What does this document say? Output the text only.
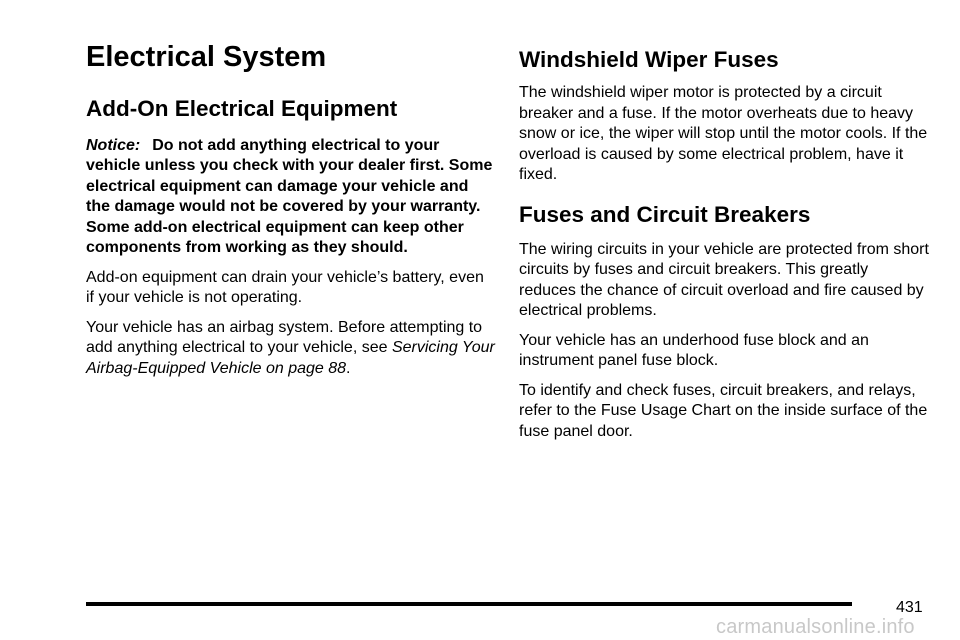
Electrical System
Add-On Electrical Equipment

Notice: Do not add anything electrical to your vehicle unless you check with your dealer first. Some electrical equipment can damage your vehicle and the damage would not be covered by your warranty. Some add-on electrical equipment can keep other components from working as they should.

Add-on equipment can drain your vehicle’s battery, even if your vehicle is not operating.

Your vehicle has an airbag system. Before attempting to add anything electrical to your vehicle, see Servicing Your Airbag-Equipped Vehicle on page 88.

Windshield Wiper Fuses

The windshield wiper motor is protected by a circuit breaker and a fuse. If the motor overheats due to heavy snow or ice, the wiper will stop until the motor cools. If the overload is caused by some electrical problem, have it fixed.

Fuses and Circuit Breakers

The wiring circuits in your vehicle are protected from short circuits by fuses and circuit breakers. This greatly reduces the chance of circuit overload and fire caused by electrical problems.

Your vehicle has an underhood fuse block and an instrument panel fuse block.

To identify and check fuses, circuit breakers, and relays, refer to the Fuse Usage Chart on the inside surface of the fuse panel door.

431
carmanualsonline.info
